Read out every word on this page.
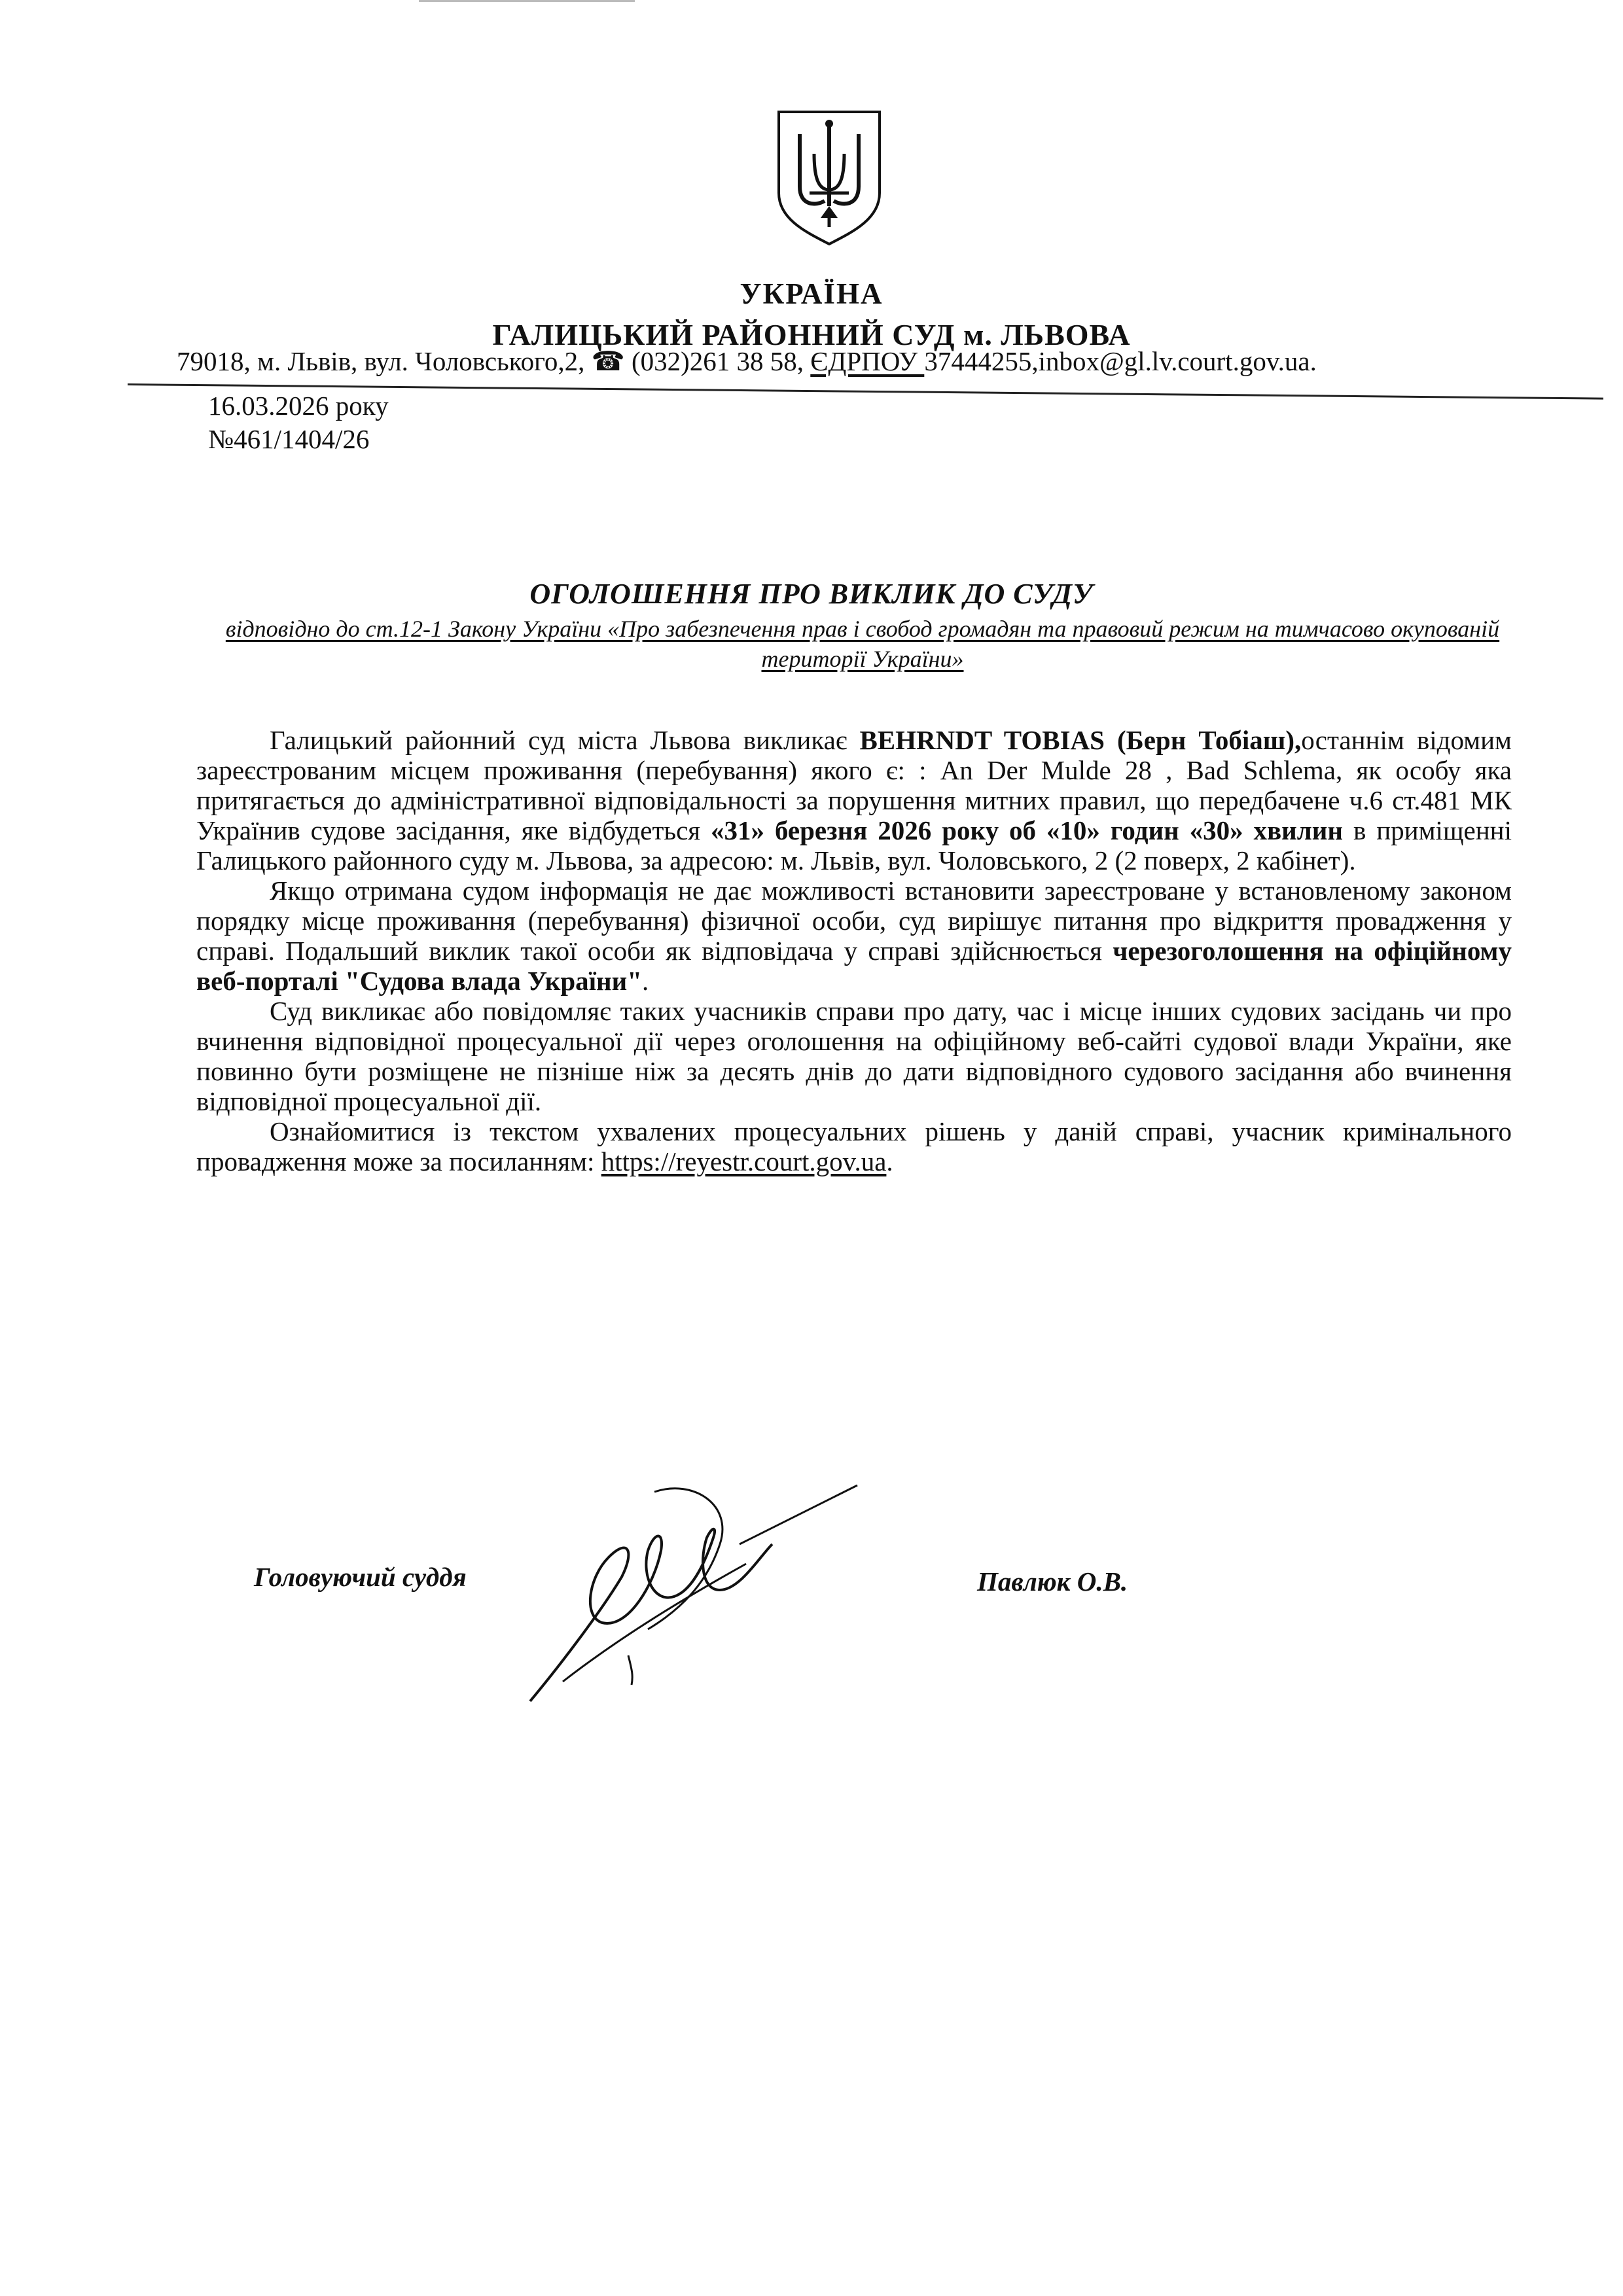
УКРАЇНА
ГАЛИЦЬКИЙ РАЙОННИЙ СУД м. ЛЬВОВА
79018, м. Львів, вул. Чоловського,2, ☎ (032)261 38 58, ЄДРПОУ 37444255,inbox@gl.lv.court.gov.ua.
16.03.2026 року
№461/1404/26
ОГОЛОШЕННЯ ПРО ВИКЛИК ДО СУДУ
відповідно до ст.12-1 Закону України «Про забезпечення прав і свобод громадян та правовий режим на тимчасово окупованій території України»

Галицький районний суд міста Львова викликає BEHRNDT TOBIAS (Берн Тобіаш),останнім відомим зареєстрованим місцем проживання (перебування) якого є: : An Der Mulde 28 , Bad Schlema, як особу яка притягається до адміністративної відповідальності за порушення митних правил, що передбачене ч.6 ст.481 МК Українив судове засідання, яке відбудеться «31» березня 2026 року об «10» годин «30» хвилин в приміщенні Галицького районного суду м. Львова, за адресою: м. Львів, вул. Чоловського, 2 (2 поверх, 2 кабінет).

Якщо отримана судом інформація не дає можливості встановити зареєстроване у встановленому законом порядку місце проживання (перебування) фізичної особи, суд вирішує питання про відкриття провадження у справі. Подальший виклик такої особи як відповідача у справі здійснюється черезоголошення на офіційному веб-порталі "Судова влада України".

Суд викликає або повідомляє таких учасників справи про дату, час і місце інших судових засідань чи про вчинення відповідної процесуальної дії через оголошення на офіційному веб-сайті судової влади України, яке повинно бути розміщене не пізніше ніж за десять днів до дати відповідного судового засідання або вчинення відповідної процесуальної дії.

Ознайомитися із текстом ухвалених процесуальних рішень у даній справі, учасник кримінального провадження може за посиланням: https://reyestr.court.gov.ua.

Головуючий суддя	Павлюк О.В.
